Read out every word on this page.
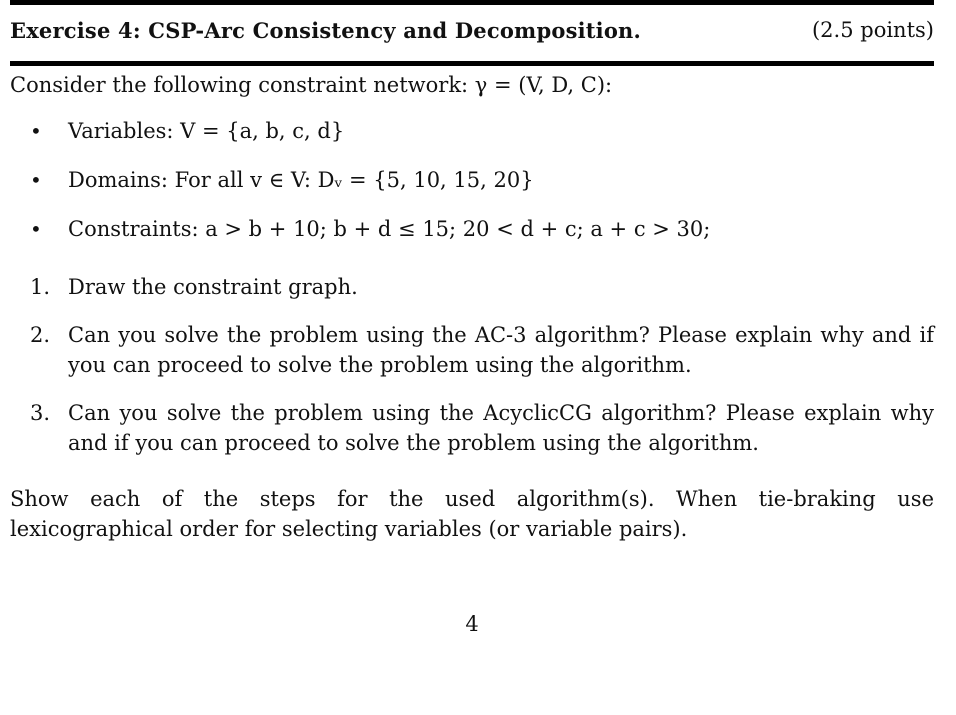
Exercise 4: CSP-Arc Consistency and Decomposition.	(2.5 points)
Consider the following constraint network: γ = (V, D, C):
•	Variables: V = {a, b, c, d}
•	Domains: For all v ∈ V: Dᵥ = {5, 10, 15, 20}
•	Constraints: a > b + 10; b + d ≤ 15; 20 < d + c; a + c > 30;
1. Draw the constraint graph.
2. Can you solve the problem using the AC-3 algorithm? Please explain why and if you can proceed to solve the problem using the algorithm.
3. Can you solve the problem using the AcyclicCG algorithm? Please explain why and if you can proceed to solve the problem using the algorithm.
Show each of the steps for the used algorithm(s). When tie-braking use lexicographical order for selecting variables (or variable pairs).
4
